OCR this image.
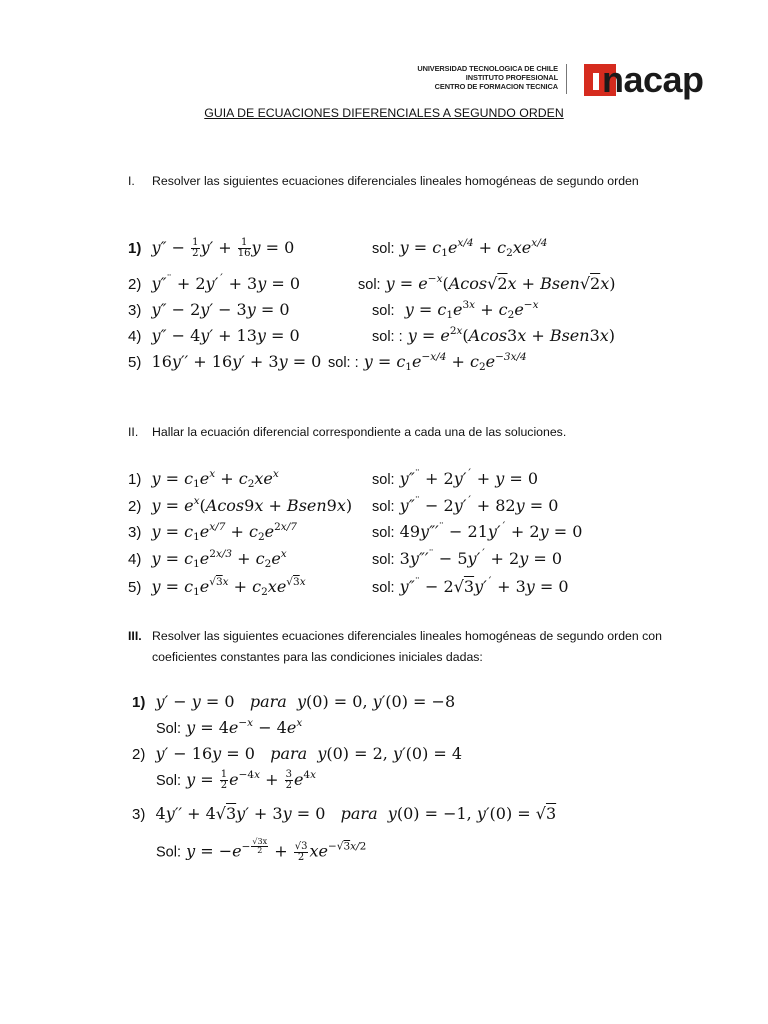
UNIVERSIDAD TECNOLOGICA DE CHILE
INSTITUTO PROFESIONAL
CENTRO DE FORMACION TECNICA nacap
GUIA DE ECUACIONES DIFERENCIALES A SEGUNDO ORDEN
I. Resolver las siguientes ecuaciones diferenciales lineales homogéneas de segundo orden
1)  $y'' - \frac{1}{2} y' + \frac{1}{16}$ y = 0	sol: $y = c_1e^{x/4} + c_2xe^{x/4}$
2)  y″¨ + 2y′´ + 3y = 0	sol: $y = e^{-x}(Acos√2x$ + Bsen√2x)
3)  y″ − 2y′ − 3y = 0	sol:  $y = c_1e^{3x} + c_2e^{-x}$
4)  y″ − 4y′ + 13y = 0	sol: : $y = e^{2x}(Acos3x$ + Bsen3x)
5) 16y′′ + 16y′ + 3y = 0 sol: : $y = c_1e^{-x/4} + c_2e^{-3x/4}$
II. Hallar la ecuación diferencial correspondiente a cada una de las soluciones.
1)  $y = c_1e^x + c_2xe^x$	sol: y″¨ + 2y′´ + y = 0
2)  $y = e^x(Acos9x$ + Bsen9x) sol: y″¨ − 2y′´ + 82y = 0
3)  $y = c_1e^{x/7} + c_2e^{2x/7}$	sol: 49y″′¨ − 21y′´ + 2y = 0
4)  $y = c_1e^{2x/3} + c_2e^x$	sol: 3y″′¨ − 5y′´ + 2y = 0
5)  $y = c_1e^{√3x} + c_2xe^{√3x}$	sol: y″¨ − 2√3y′´ + 3y = 0
III. Resolver las siguientes ecuaciones diferenciales lineales homogéneas de segundo orden con coeficientes constantes para las condiciones iniciales dadas:
1)  y′ − y = 0   para  y(0) = 0, y′(0) = −8
Sol: $y = 4e^{-x} - 4e^x$
2)  y′ − 16y = 0   para  y(0) = 2, y′(0) = 4
Sol: $y = \frac{1}{2} e^{-4x} + \frac{3}{2} e^{4x}$
3) 4y′′ + 4√3y′ + 3y = 0   para  y(0) = −1, y′(0) = √3
Sol: $y = -e^{- \frac{√3x}{2}} + \frac{√3}{2} xe^{-√3x/2}$
